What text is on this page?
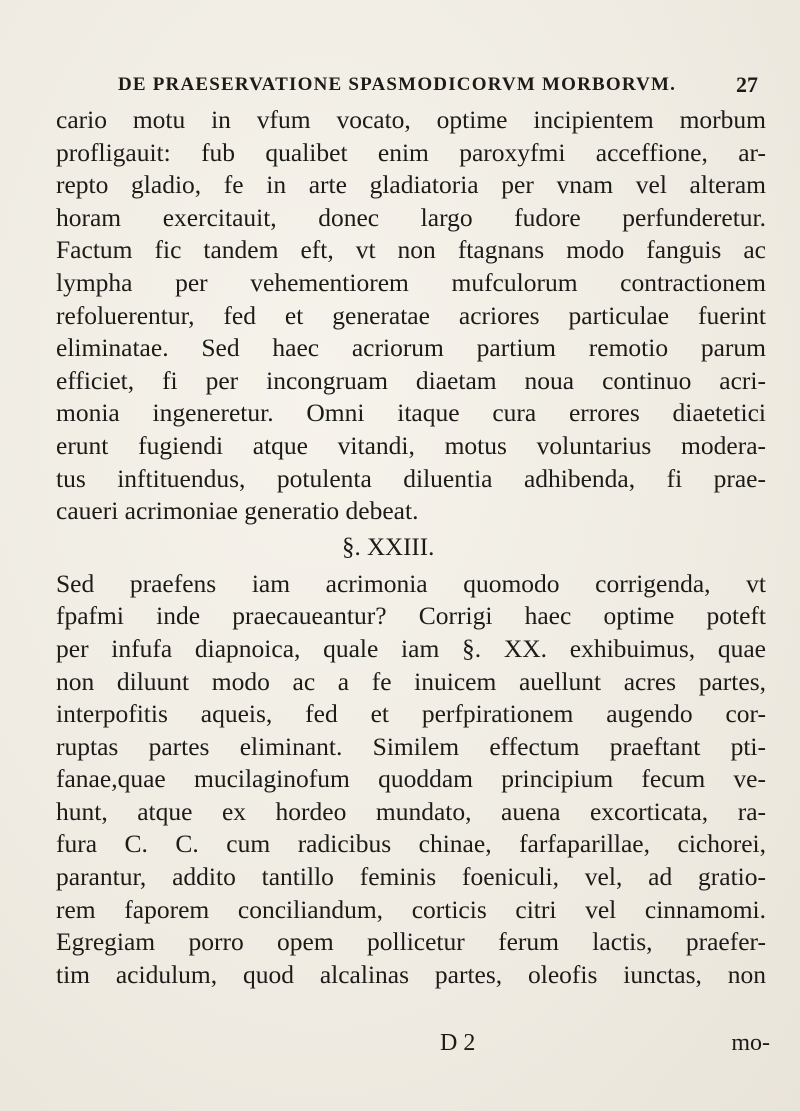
DE PRAESERVATIONE SPASMODICORVM MORBORVM.	27
cario motu in vfum vocato, optime incipientem morbum
profligauit: fub qualibet enim paroxyfmi acceffione, ar-
repto gladio, fe in arte gladiatoria per vnam vel alteram
horam exercitauit, donec largo fudore perfunderetur.
Factum fic tandem eft, vt non ftagnans modo fanguis ac
lympha per vehementiorem mufculorum contractionem
refoluerentur, fed et generatae acriores particulae fuerint
eliminatae. Sed haec acriorum partium remotio parum
efficiet, fi per incongruam diaetam noua continuo acri-
monia ingeneretur. Omni itaque cura errores diaetetici
erunt fugiendi atque vitandi, motus voluntarius modera-
tus inftituendus, potulenta diluentia adhibenda, fi prae-
caueri acrimoniae generatio debeat.
§. XXIII.
Sed praefens iam acrimonia quomodo corrigenda, vt
fpafmi inde praecaueantur? Corrigi haec optime poteft
per infufa diapnoica, quale iam §. XX. exhibuimus, quae
non diluunt modo ac a fe inuicem auellunt acres partes,
interpofitis aqueis, fed et perfpirationem augendo cor-
ruptas partes eliminant. Similem effectum praeftant pti-
fanae,quae mucilaginofum quoddam principium fecum ve-
hunt, atque ex hordeo mundato, auena excorticata, ra-
fura C. C. cum radicibus chinae, farfaparillae, cichorei,
parantur, addito tantillo feminis foeniculi, vel, ad gratio-
rem faporem conciliandum, corticis citri vel cinnamomi.
Egregiam porro opem pollicetur ferum lactis, praefer-
tim acidulum, quod alcalinas partes, oleofis iunctas, non
D 2	mo-
